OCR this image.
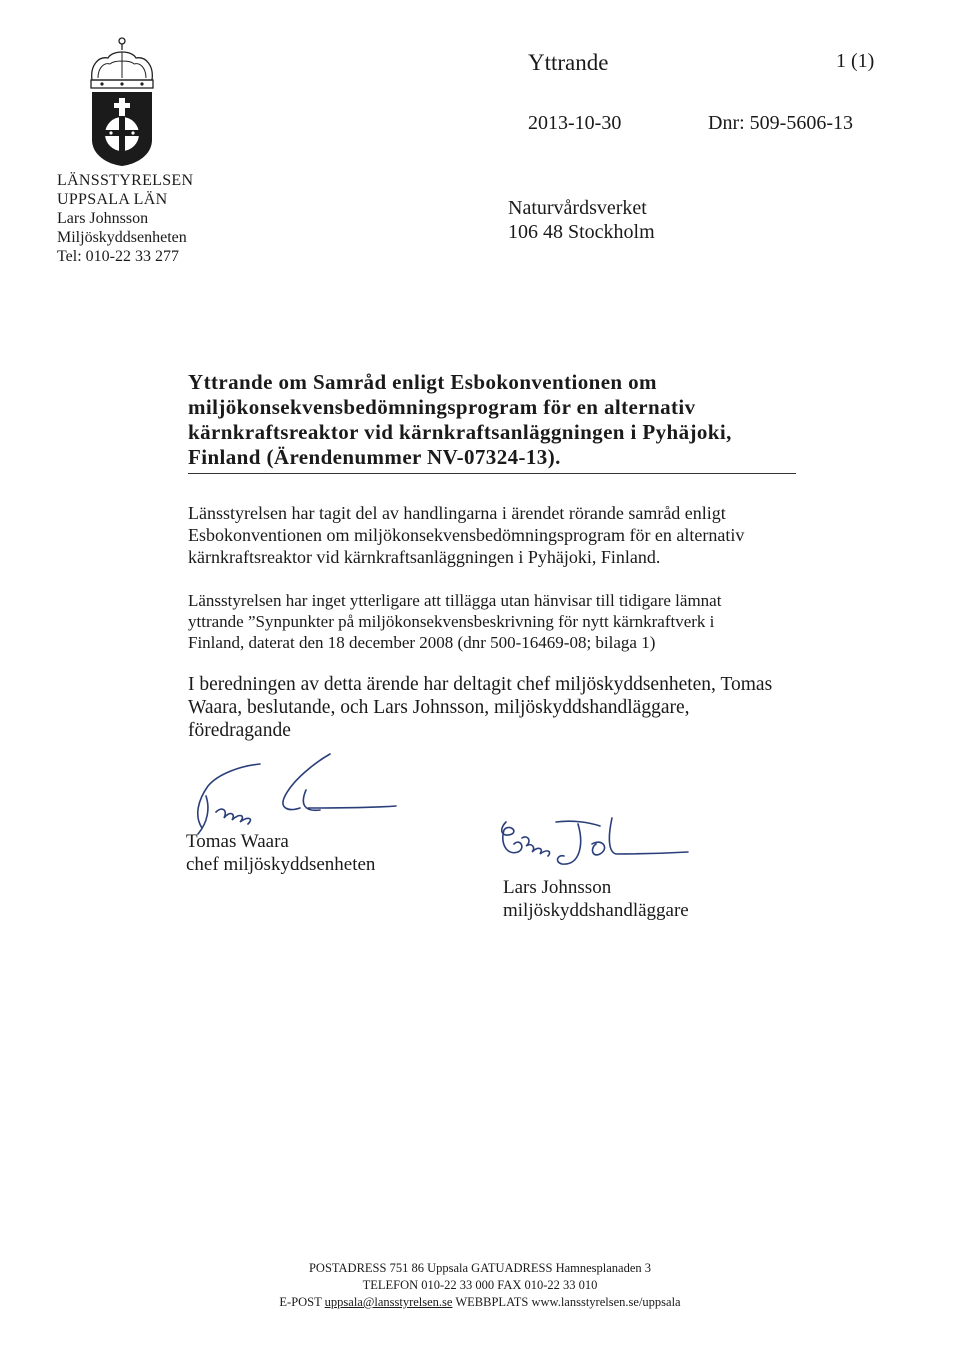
LÄNSSTYRELSEN
UPPSALA LÄN
Lars Johnsson
Miljöskyddsenheten
Tel: 010-22 33 277
Yttrande	1 (1)
2013-10-30	Dnr: 509-5606-13
Naturvårdsverket
106 48 Stockholm
Yttrande om Samråd enligt Esbokonventionen om
miljökonsekvensbedömningsprogram för en alternativ
kärnkraftsreaktor vid kärnkraftsanläggningen i Pyhäjoki,
Finland (Ärendenummer NV-07324-13).
Länsstyrelsen har tagit del av handlingarna i ärendet rörande samråd enligt
Esbokonventionen om miljökonsekvensbedömningsprogram för en alternativ
kärnkraftsreaktor vid kärnkraftsanläggningen i Pyhäjoki, Finland.
Länsstyrelsen har inget ytterligare att tillägga utan hänvisar till tidigare lämnat
yttrande ”Synpunkter på miljökonsekvensbeskrivning för nytt kärnkraftverk i
Finland, daterat den 18 december 2008 (dnr 500-16469-08; bilaga 1)
I beredningen av detta ärende har deltagit chef miljöskyddsenheten, Tomas
Waara, beslutande, och Lars Johnsson, miljöskyddshandläggare,
föredragande
Tomas Waara
chef miljöskyddsenheten
Lars Johnsson
miljöskyddshandläggare
POSTADRESS 751 86 Uppsala GATUADRESS Hamnesplanaden 3
TELEFON 010-22 33 000 FAX 010-22 33 010
E-POST uppsala@lansstyrelsen.se WEBBPLATS www.lansstyrelsen.se/uppsala
